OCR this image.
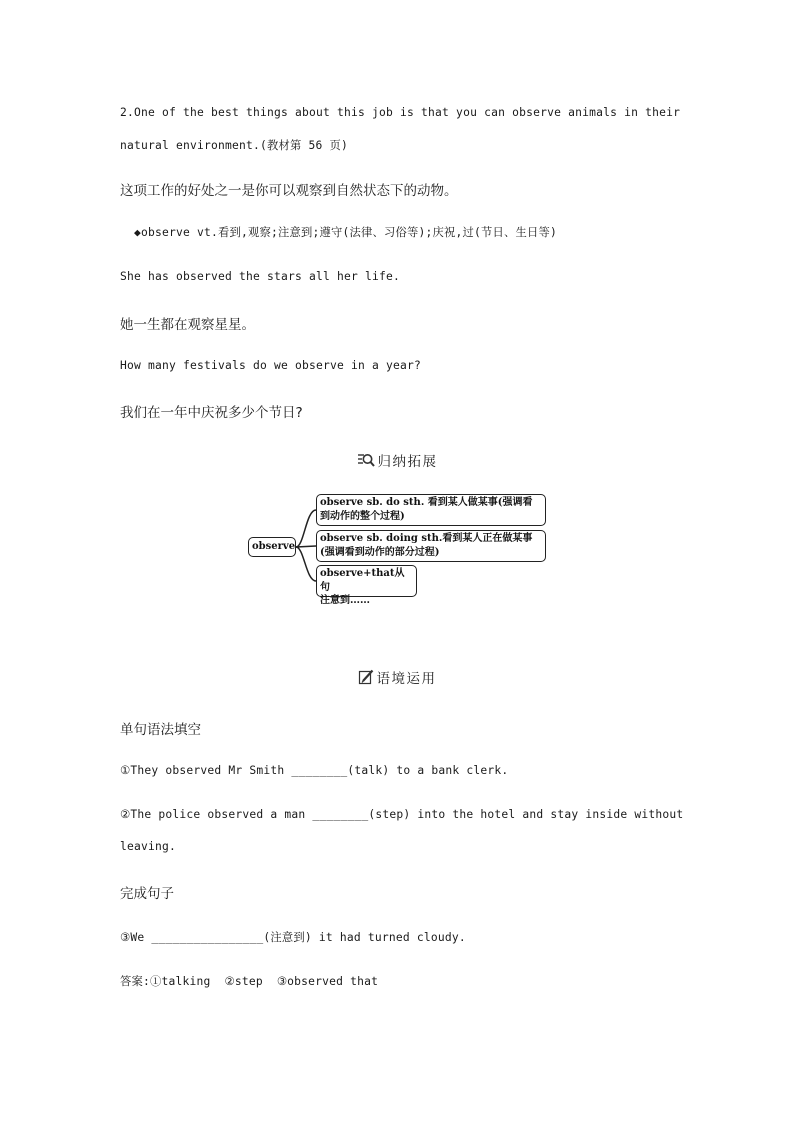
2.One of the best things about this job is that you can observe animals in their
natural environment.(教材第 56 页)
这项工作的好处之一是你可以观察到自然状态下的动物。
◆observe vt.看到,观察;注意到;遵守(法律、习俗等);庆祝,过(节日、生日等)
She has observed the stars all her life.
她一生都在观察星星。
How many festivals do we observe in a year?
我们在一年中庆祝多少个节日?
归纳拓展
observe
observe sb. do sth. 看到某人做某事(强调看
到动作的整个过程)
observe sb. doing sth.看到某人正在做某事
(强调看到动作的部分过程)
observe+that从句
注意到……
语境运用
单句语法填空
①They observed Mr Smith ________(talk) to a bank clerk.
②The police observed a man ________(step) into the hotel and stay inside without
leaving.
完成句子
③We ________________(注意到) it had turned cloudy.
答案:①talking  ②step  ③observed that
